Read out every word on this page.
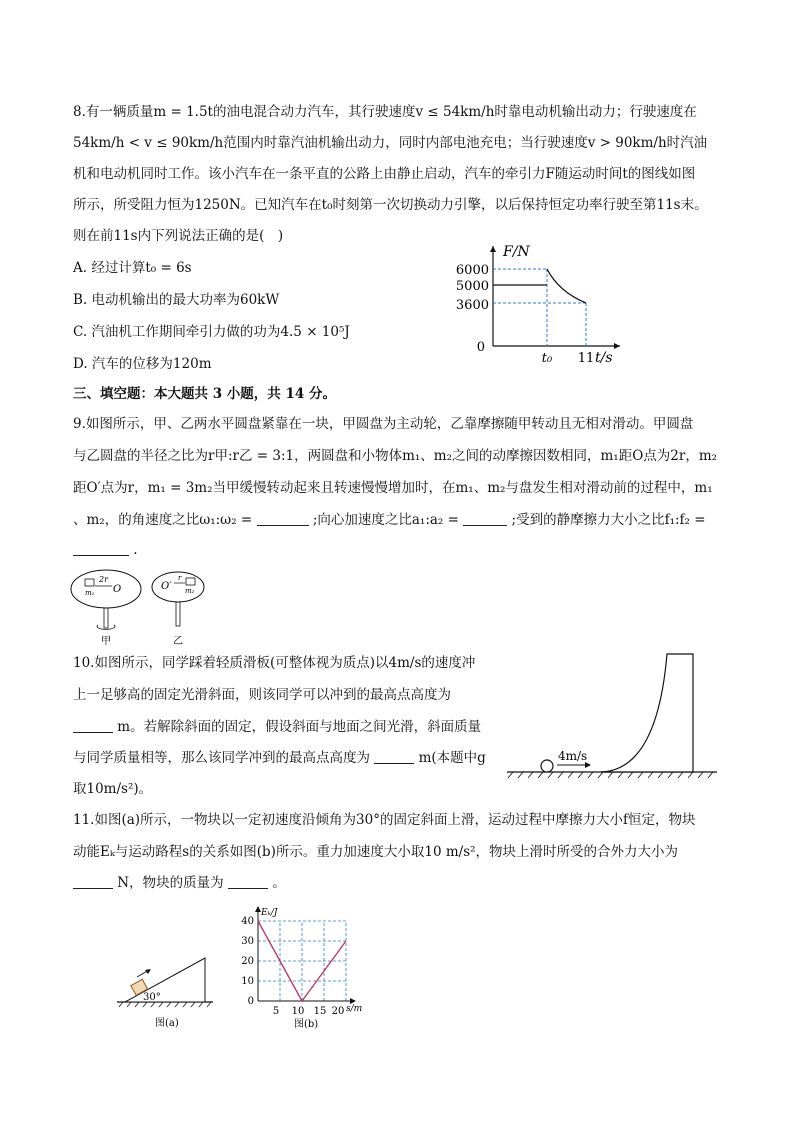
8.有一辆质量m = 1.5t的油电混合动力汽车，其行驶速度v ≤ 54km/h时靠电动机输出动力；行驶速度在
54km/h < v ≤ 90km/h范围内时靠汽油机输出动力，同时内部电池充电；当行驶速度v > 90km/h时汽油
机和电动机同时工作。该小汽车在一条平直的公路上由静止启动，汽车的牵引力F随运动时间t的图线如图
所示，所受阻力恒为1250N。已知汽车在t₀时刻第一次切换动力引擎，以后保持恒定功率行驶至第11s末。
则在前11s内下列说法正确的是(　)
A. 经过计算t₀ = 6s
B. 电动机输出的最大功率为60kW
C. 汽油机工作期间牵引力做的功为4.5 × 10⁵J
D. 汽车的位移为120m
F/N
t/s
6000
5000
3600
0
t₀ 11
三、填空题：本大题共 3 小题，共 14 分。
9.如图所示，甲、乙两水平圆盘紧靠在一块，甲圆盘为主动轮，乙靠摩擦随甲转动且无相对滑动。甲圆盘
与乙圆盘的半径之比为r甲:r乙 = 3:1，两圆盘和小物体m₁、m₂之间的动摩擦因数相同，m₁距O点为2r，m₂
距O′点为r，m₁ = 3m₂当甲缓慢转动起来且转速慢慢增加时，在m₁、m₂与盘发生相对滑动前的过程中，m₁
、m₂，的角速度之比ω₁:ω₂ =	;向心加速度之比a₁:a₂ =	;受到的静摩擦力大小之比f₁:f₂ =
.
m₁	m₂
2r
O	O′
r
甲	乙
10.如图所示，同学踩着轻质滑板(可整体视为质点)以4m/s的速度冲
上一足够高的固定光滑斜面，则该同学可以冲到的最高点高度为
m。若解除斜面的固定，假设斜面与地面之间光滑，斜面质量
与同学质量相等，那么该同学冲到的最高点高度为	m(本题中g
取10m/s²)。
4m/s
11.如图(a)所示，一物块以一定初速度沿倾角为30°的固定斜面上滑，运动过程中摩擦力大小f恒定，物块
动能Eₖ与运动路程s的关系如图(b)所示。重力加速度大小取10 m/s²，物块上滑时所受的合外力大小为
N，物块的质量为	。
30°
图(a)
Eₖ/J
s/m
40
30
20
10
0
5 10 15 20
图(b)
